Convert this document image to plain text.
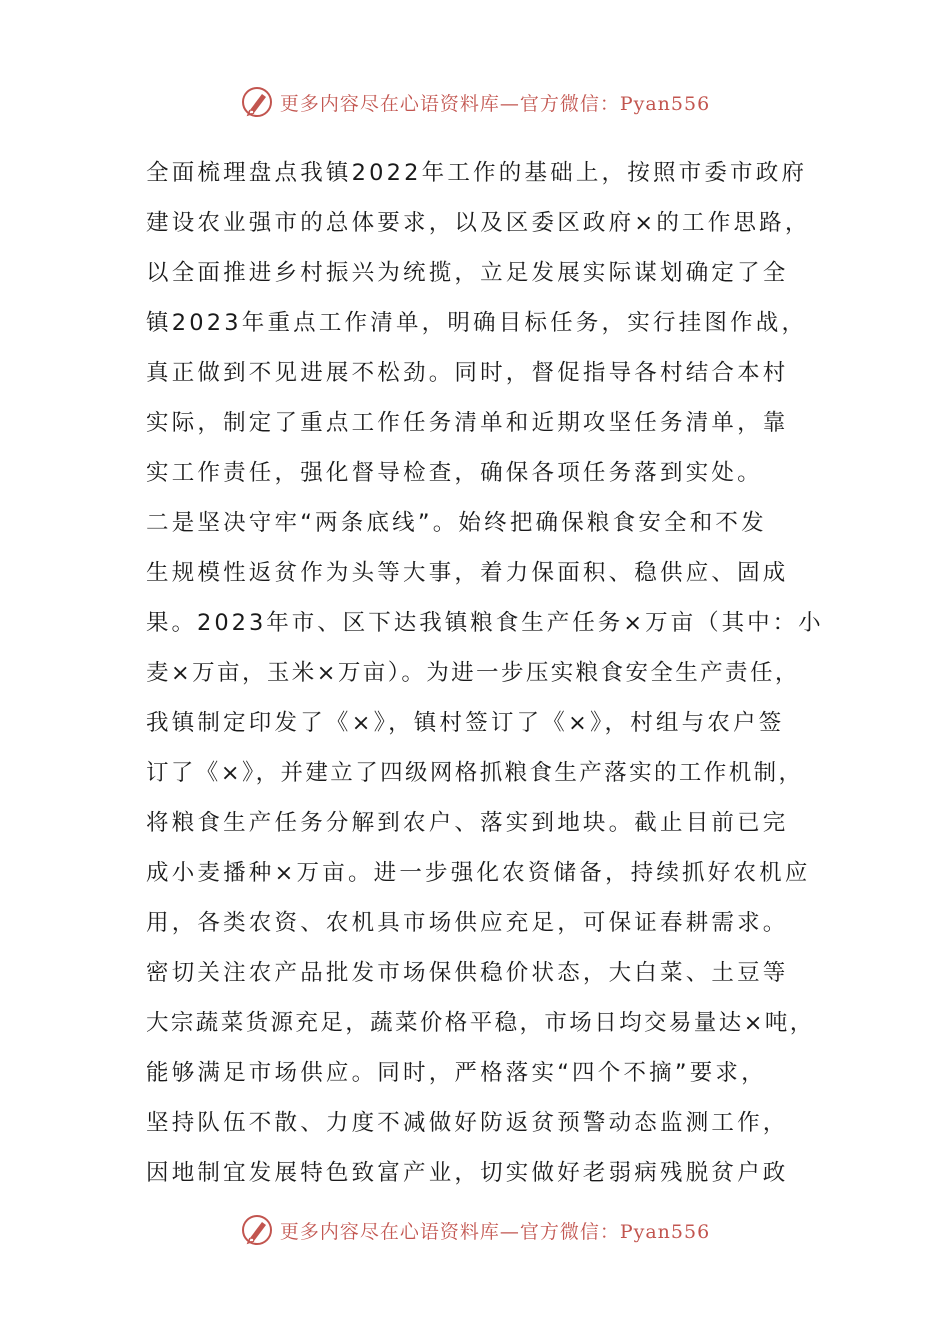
更多内容尽在心语资料库—官方微信：Pyan556
全面梳理盘点我镇2022年工作的基础上，按照市委市政府
建设农业强市的总体要求，以及区委区政府×的工作思路，
以全面推进乡村振兴为统揽，立足发展实际谋划确定了全
镇2023年重点工作清单，明确目标任务，实行挂图作战，
真正做到不见进展不松劲。同时，督促指导各村结合本村
实际，制定了重点工作任务清单和近期攻坚任务清单，靠
实工作责任，强化督导检查，确保各项任务落到实处。
二是坚决守牢“两条底线”。始终把确保粮食安全和不发
生规模性返贫作为头等大事，着力保面积、稳供应、固成
果。2023年市、区下达我镇粮食生产任务×万亩（其中：小
麦×万亩，玉米×万亩）。为进一步压实粮食安全生产责任，
我镇制定印发了《×》，镇村签订了《×》，村组与农户签
订了《×》，并建立了四级网格抓粮食生产落实的工作机制，
将粮食生产任务分解到农户、落实到地块。截止目前已完
成小麦播种×万亩。进一步强化农资储备，持续抓好农机应
用，各类农资、农机具市场供应充足，可保证春耕需求。
密切关注农产品批发市场保供稳价状态，大白菜、土豆等
大宗蔬菜货源充足，蔬菜价格平稳，市场日均交易量达×吨，
能够满足市场供应。同时，严格落实“四个不摘”要求，
坚持队伍不散、力度不减做好防返贫预警动态监测工作，
因地制宜发展特色致富产业，切实做好老弱病残脱贫户政
更多内容尽在心语资料库—官方微信：Pyan556
